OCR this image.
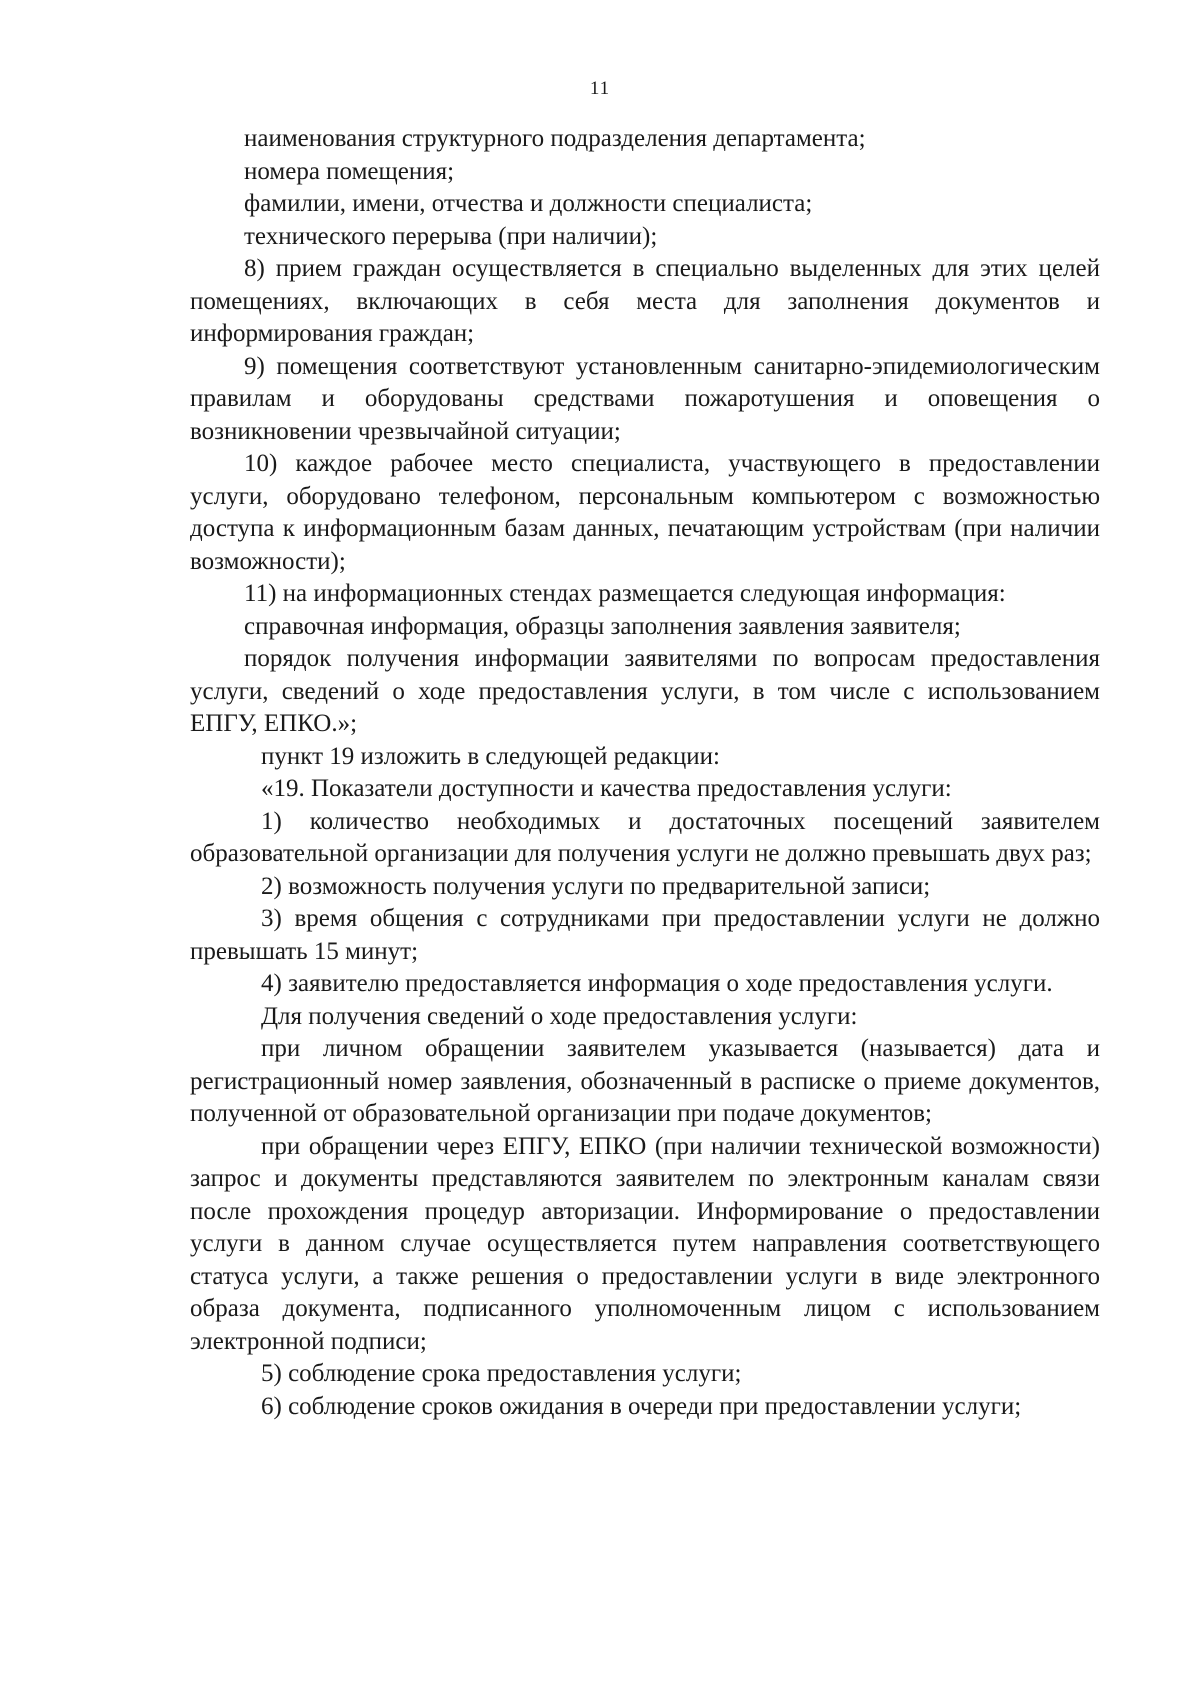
11

наименования структурного подразделения департамента;

номера помещения;

фамилии, имени, отчества и должности специалиста;

технического перерыва (при наличии);

8) прием граждан осуществляется в специально выделенных для этих целей помещениях, включающих в себя места для заполнения документов и информирования граждан;

9) помещения соответствуют установленным санитарно-эпидемиологическим правилам и оборудованы средствами пожаротушения и оповещения о возникновении чрезвычайной ситуации;

10) каждое рабочее место специалиста, участвующего в предоставлении услуги, оборудовано телефоном, персональным компьютером с возможностью доступа к информационным базам данных, печатающим устройствам (при наличии возможности);

11) на информационных стендах размещается следующая информация:

справочная информация, образцы заполнения заявления заявителя;

порядок получения информации заявителями по вопросам предоставления услуги, сведений о ходе предоставления услуги, в том числе с использованием ЕПГУ, ЕПКО.»;

пункт 19 изложить в следующей редакции:

«19. Показатели доступности и качества предоставления услуги:

1) количество необходимых и достаточных посещений заявителем образовательной организации для получения услуги не должно превышать двух раз;

2) возможность получения услуги по предварительной записи;

3) время общения с сотрудниками при предоставлении услуги не должно превышать 15 минут;

4) заявителю предоставляется информация о ходе предоставления услуги.

Для получения сведений о ходе предоставления услуги:

при личном обращении заявителем указывается (называется) дата и регистрационный номер заявления, обозначенный в расписке о приеме документов, полученной от образовательной организации при подаче документов;

при обращении через ЕПГУ, ЕПКО (при наличии технической возможности) запрос и документы представляются заявителем по электронным каналам связи после прохождения процедур авторизации. Информирование о предоставлении услуги в данном случае осуществляется путем направления соответствующего статуса услуги, а также решения о предоставлении услуги в виде электронного образа документа, подписанного уполномоченным лицом с использованием электронной подписи;

5) соблюдение срока предоставления услуги;

6) соблюдение сроков ожидания в очереди при предоставлении услуги;
